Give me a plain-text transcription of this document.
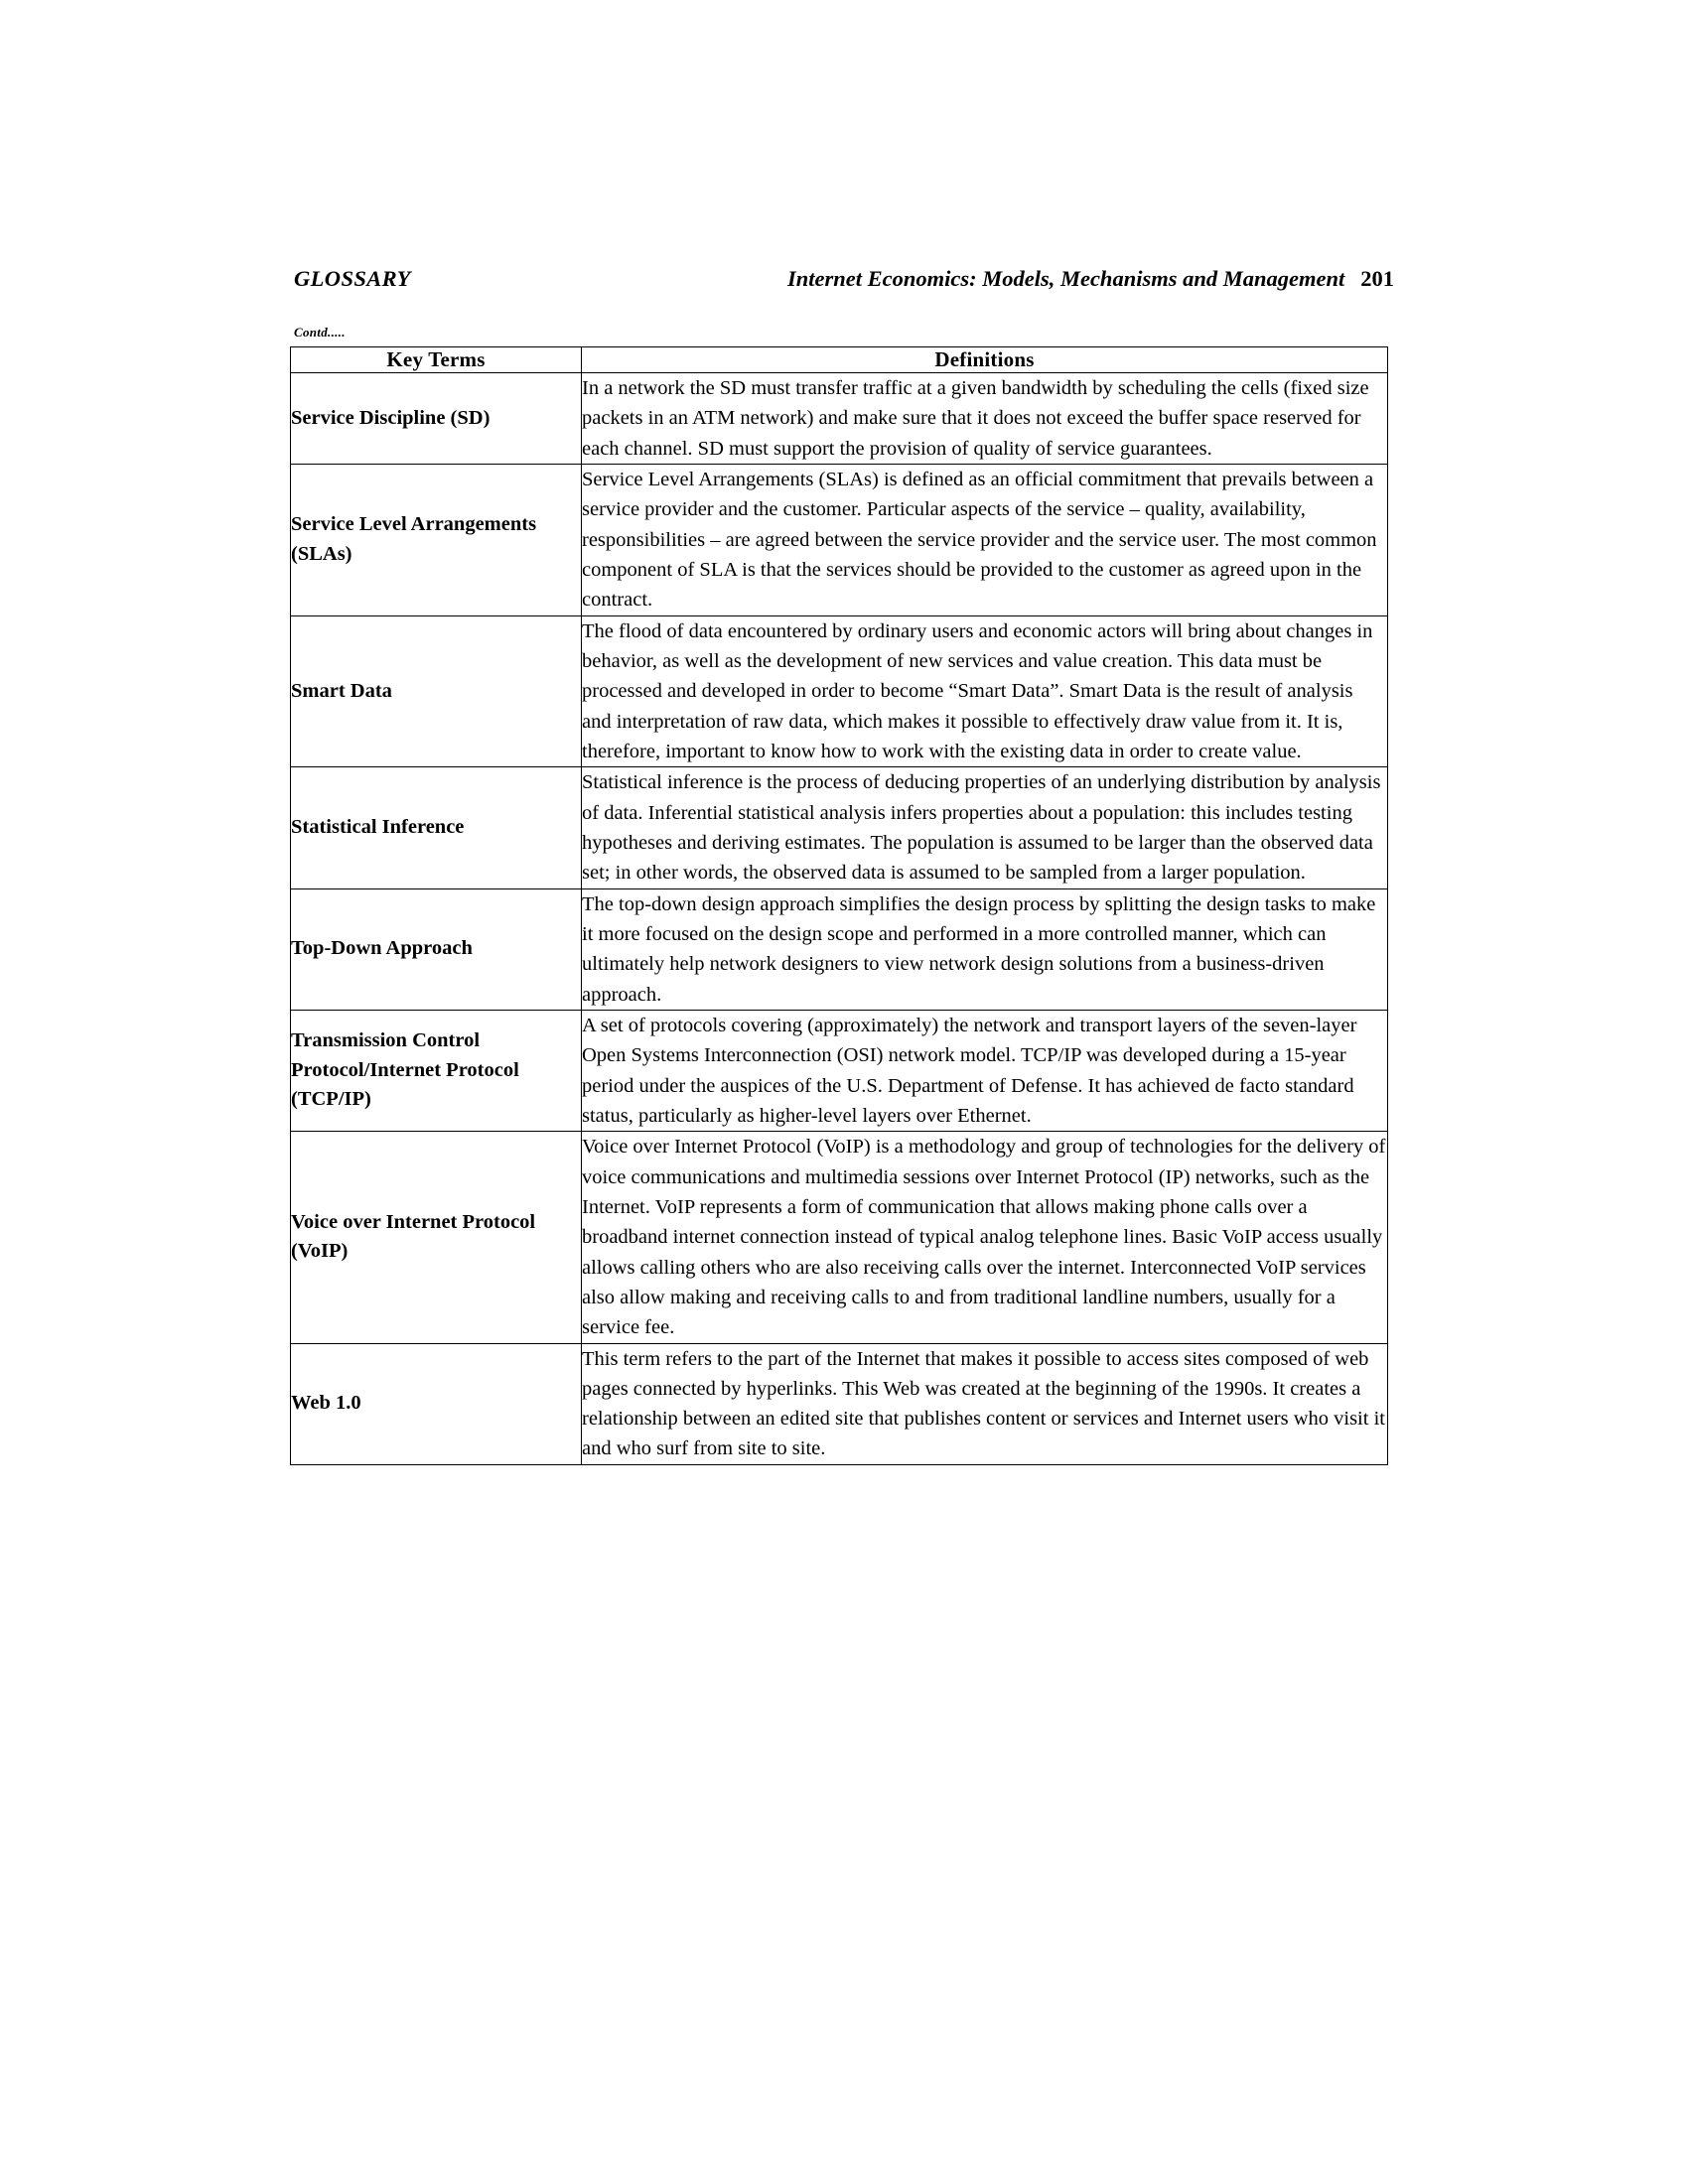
GLOSSARY	Internet Economics: Models, Mechanisms and Management 201
Contd.....
Key Terms	Definitions
Service Discipline (SD)	In a network the SD must transfer traffic at a given bandwidth by scheduling the cells (fixed size packets in an ATM network) and make sure that it does not exceed the buffer space reserved for each channel. SD must support the provision of quality of service guarantees.
Service Level Arrangements (SLAs)	Service Level Arrangements (SLAs) is defined as an official commitment that prevails between a service provider and the customer. Particular aspects of the service – quality, availability, responsibilities – are agreed between the service provider and the service user. The most common component of SLA is that the services should be provided to the customer as agreed upon in the contract.
Smart Data	The flood of data encountered by ordinary users and economic actors will bring about changes in behavior, as well as the development of new services and value creation. This data must be processed and developed in order to become “Smart Data”. Smart Data is the result of analysis and interpretation of raw data, which makes it possible to effectively draw value from it. It is, therefore, important to know how to work with the existing data in order to create value.
Statistical Inference	Statistical inference is the process of deducing properties of an underlying distribution by analysis of data. Inferential statistical analysis infers properties about a population: this includes testing hypotheses and deriving estimates. The population is assumed to be larger than the observed data set; in other words, the observed data is assumed to be sampled from a larger population.
Top-Down Approach	The top-down design approach simplifies the design process by splitting the design tasks to make it more focused on the design scope and performed in a more controlled manner, which can ultimately help network designers to view network design solutions from a business-driven approach.
Transmission Control Protocol/Internet Protocol (TCP/IP)	A set of protocols covering (approximately) the network and transport layers of the seven-layer Open Systems Interconnection (OSI) network model. TCP/IP was developed during a 15-year period under the auspices of the U.S. Department of Defense. It has achieved de facto standard status, particularly as higher-level layers over Ethernet.
Voice over Internet Protocol (VoIP)	Voice over Internet Protocol (VoIP) is a methodology and group of technologies for the delivery of voice communications and multimedia sessions over Internet Protocol (IP) networks, such as the Internet. VoIP represents a form of communication that allows making phone calls over a broadband internet connection instead of typical analog telephone lines. Basic VoIP access usually allows calling others who are also receiving calls over the internet. Interconnected VoIP services also allow making and receiving calls to and from traditional landline numbers, usually for a service fee.
Web 1.0	This term refers to the part of the Internet that makes it possible to access sites composed of web pages connected by hyperlinks. This Web was created at the beginning of the 1990s. It creates a relationship between an edited site that publishes content or services and Internet users who visit it and who surf from site to site.
